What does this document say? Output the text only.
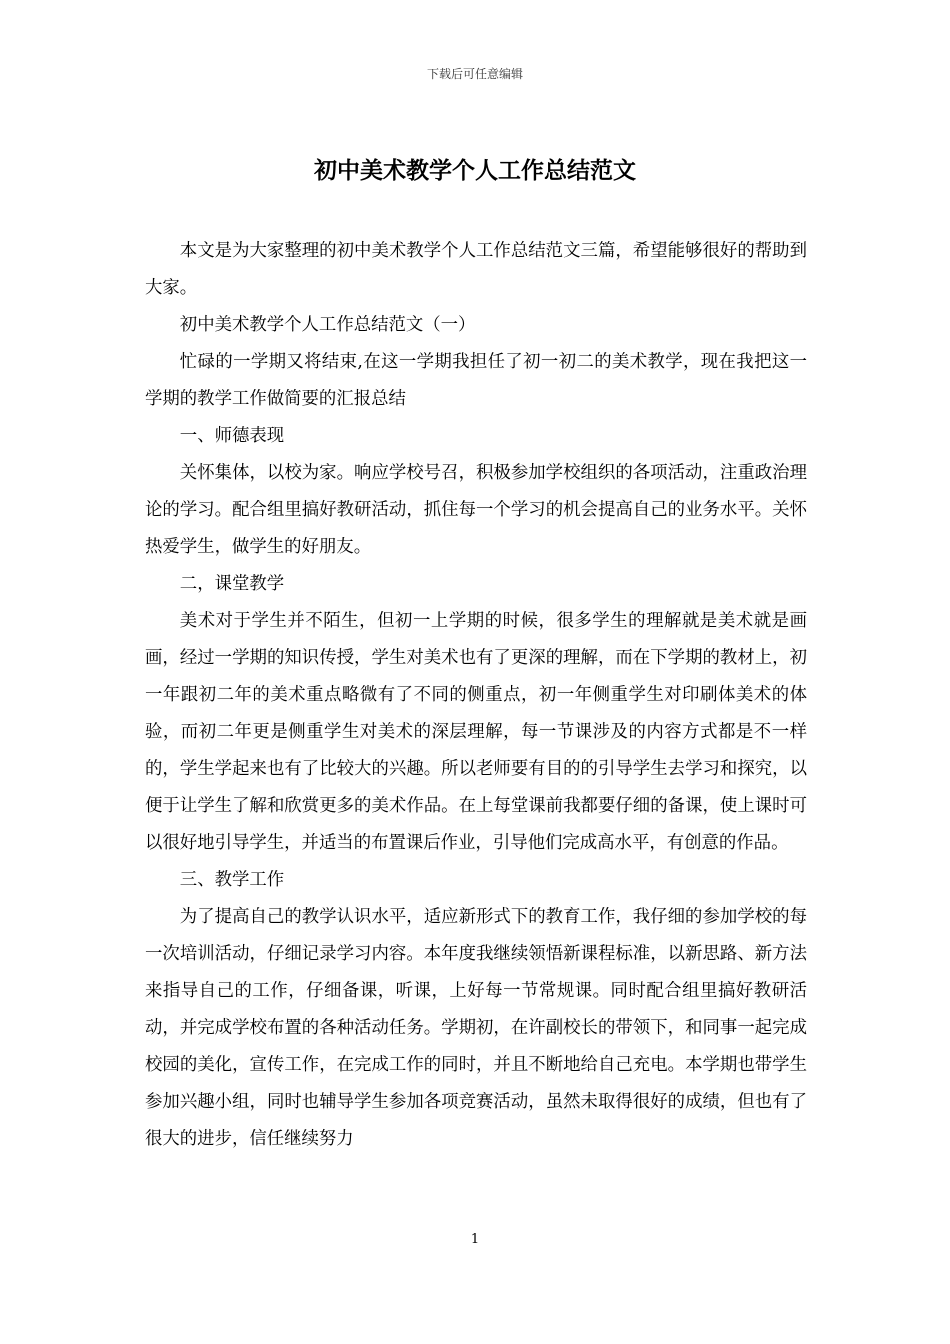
下载后可任意编辑
初中美术教学个人工作总结范文

本文是为大家整理的初中美术教学个人工作总结范文三篇，希望能够很好的帮助到大家。

初中美术教学个人工作总结范文（一）

忙碌的一学期又将结束,在这一学期我担任了初一初二的美术教学，现在我把这一学期的教学工作做简要的汇报总结

一、师德表现

关怀集体，以校为家。响应学校号召，积极参加学校组织的各项活动，注重政治理论的学习。配合组里搞好教研活动，抓住每一个学习的机会提高自己的业务水平。关怀热爱学生，做学生的好朋友。

二，课堂教学

美术对于学生并不陌生，但初一上学期的时候，很多学生的理解就是美术就是画画，经过一学期的知识传授，学生对美术也有了更深的理解，而在下学期的教材上，初一年跟初二年的美术重点略微有了不同的侧重点，初一年侧重学生对印刷体美术的体验，而初二年更是侧重学生对美术的深层理解，每一节课涉及的内容方式都是不一样的，学生学起来也有了比较大的兴趣。所以老师要有目的的引导学生去学习和探究，以便于让学生了解和欣赏更多的美术作品。在上每堂课前我都要仔细的备课，使上课时可以很好地引导学生，并适当的布置课后作业，引导他们完成高水平，有创意的作品。

三、教学工作

为了提高自己的教学认识水平，适应新形式下的教育工作，我仔细的参加学校的每一次培训活动，仔细记录学习内容。本年度我继续领悟新课程标准，以新思路、新方法来指导自己的工作，仔细备课，听课，上好每一节常规课。同时配合组里搞好教研活动，并完成学校布置的各种活动任务。学期初，在许副校长的带领下，和同事一起完成校园的美化，宣传工作，在完成工作的同时，并且不断地给自己充电。本学期也带学生参加兴趣小组，同时也辅导学生参加各项竞赛活动，虽然未取得很好的成绩，但也有了很大的进步，信任继续努力

1
